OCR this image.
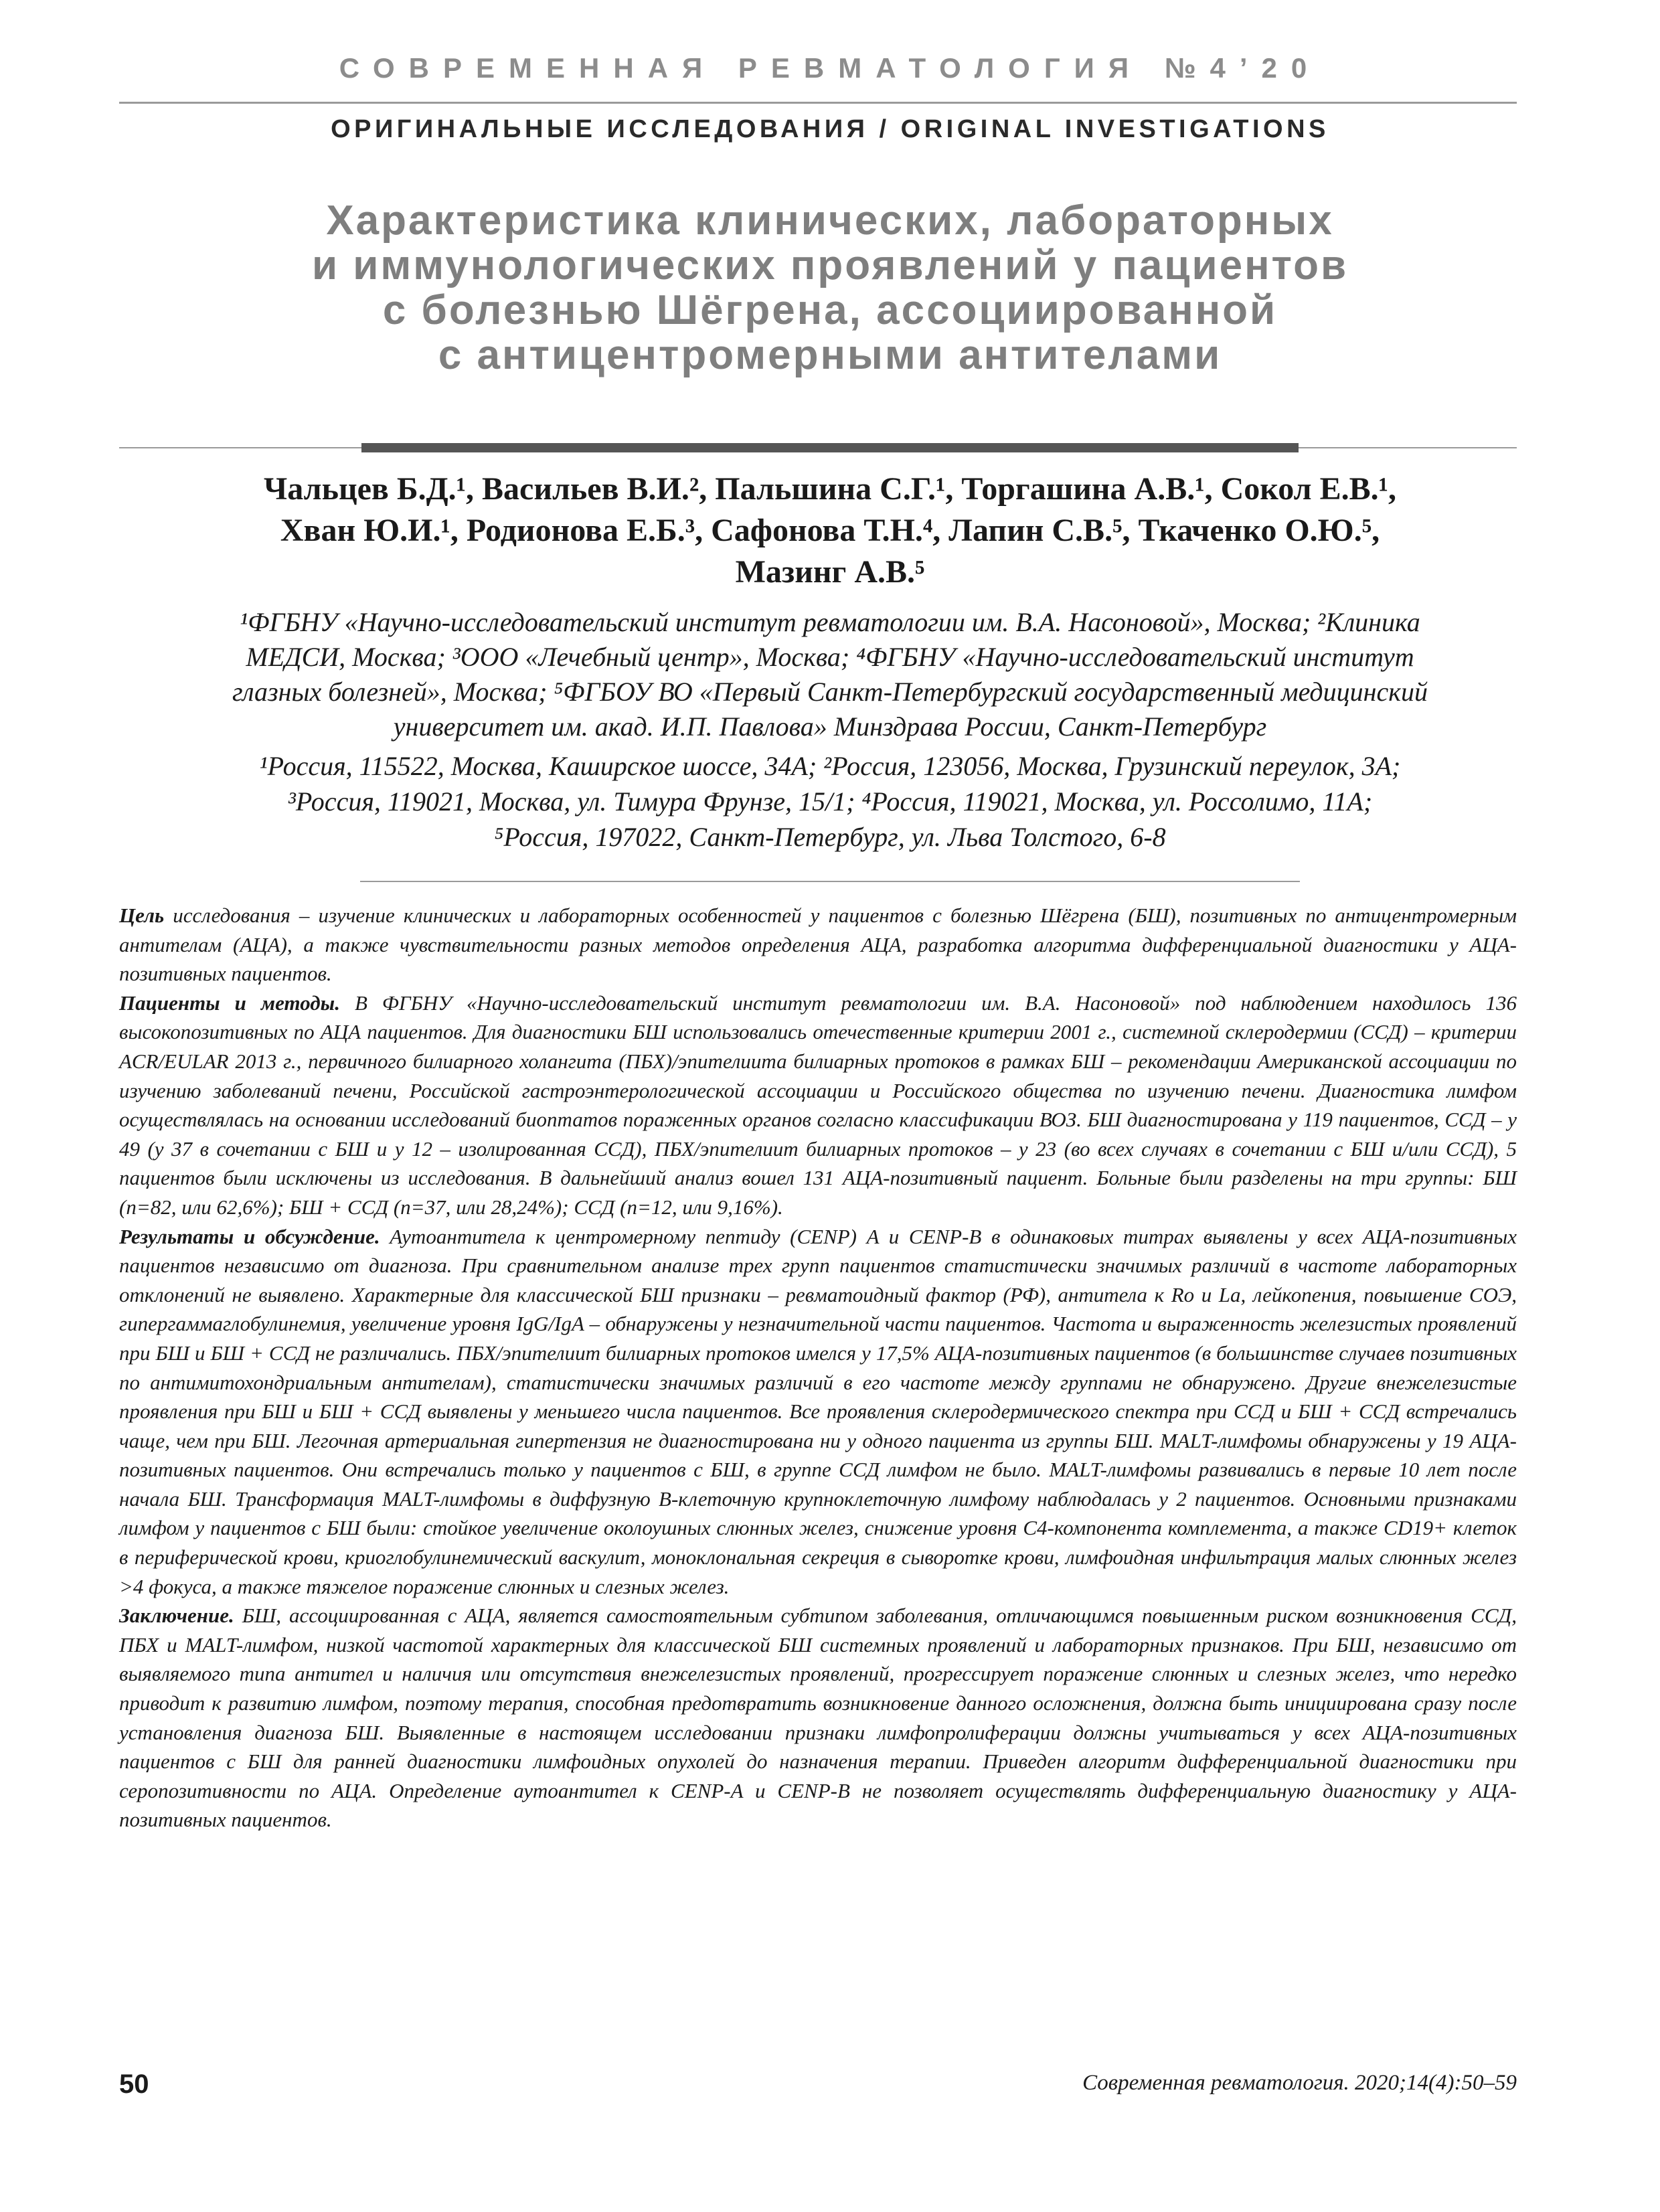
СОВРЕМЕННАЯ РЕВМАТОЛОГИЯ №4’20
ОРИГИНАЛЬНЫЕ ИССЛЕДОВАНИЯ / ORIGINAL INVESTIGATIONS
Характеристика клинических, лабораторных
и иммунологических проявлений у пациентов
с болезнью Шёгрена, ассоциированной
с антицентромерными антителами

Чальцев Б.Д.¹, Васильев В.И.², Пальшина С.Г.¹, Торгашина А.В.¹, Сокол Е.В.¹,

Хван Ю.И.¹, Родионова Е.Б.³, Сафонова Т.Н.⁴, Лапин С.В.⁵, Ткаченко О.Ю.⁵,

Мазинг А.В.⁵

¹ФГБНУ «Научно-исследовательский институт ревматологии им. В.А. Насоновой», Москва; ²Клиника

МЕДСИ, Москва; ³ООО «Лечебный центр», Москва; ⁴ФГБНУ «Научно-исследовательский институт

глазных болезней», Москва; ⁵ФГБОУ ВО «Первый Санкт-Петербургский государственный медицинский

университет им. акад. И.П. Павлова» Минздрава России, Санкт-Петербург

¹Россия, 115522, Москва, Каширское шоссе, 34А; ²Россия, 123056, Москва, Грузинский переулок, 3А;

³Россия, 119021, Москва, ул. Тимура Фрунзе, 15/1; ⁴Россия, 119021, Москва, ул. Россолимо, 11А;

⁵Россия, 197022, Санкт-Петербург, ул. Льва Толстого, 6-8

Цель исследования – изучение клинических и лабораторных особенностей у пациентов с болезнью Шёгрена (БШ), позитивных по антицентромерным антителам (АЦА), а также чувствительности разных методов определения АЦА, разработка алгоритма дифференциальной диагностики у АЦА-позитивных пациентов.

Пациенты и методы. В ФГБНУ «Научно-исследовательский институт ревматологии им. В.А. Насоновой» под наблюдением находилось 136 высокопозитивных по АЦА пациентов. Для диагностики БШ использовались отечественные критерии 2001 г., системной склеродермии (ССД) – критерии ACR/EULAR 2013 г., первичного билиарного холангита (ПБХ)/эпителиита билиарных протоков в рамках БШ – рекомендации Американской ассоциации по изучению заболеваний печени, Российской гастроэнтерологической ассоциации и Российского общества по изучению печени. Диагностика лимфом осуществлялась на основании исследований биоптатов пораженных органов согласно классификации ВОЗ. БШ диагностирована у 119 пациентов, ССД – у 49 (у 37 в сочетании с БШ и у 12 – изолированная ССД), ПБХ/эпителиит билиарных протоков – у 23 (во всех случаях в сочетании с БШ и/или ССД), 5 пациентов были исключены из исследования. В дальнейший анализ вошел 131 АЦА-позитивный пациент. Больные были разделены на три группы: БШ (n=82, или 62,6%); БШ + ССД (n=37, или 28,24%); ССД (n=12, или 9,16%).

Результаты и обсуждение. Аутоантитела к центромерному пептиду (CENP) A и CENP-B в одинаковых титрах выявлены у всех АЦА-позитивных пациентов независимо от диагноза. При сравнительном анализе трех групп пациентов статистически значимых различий в частоте лабораторных отклонений не выявлено. Характерные для классической БШ признаки – ревматоидный фактор (РФ), антитела к Ro и La, лейкопения, повышение СОЭ, гипергаммаглобулинемия, увеличение уровня IgG/IgA – обнаружены у незначительной части пациентов. Частота и выраженность железистых проявлений при БШ и БШ + ССД не различались. ПБХ/эпителиит билиарных протоков имелся у 17,5% АЦА-позитивных пациентов (в большинстве случаев позитивных по антимитохондриальным антителам), статистически значимых различий в его частоте между группами не обнаружено. Другие внежелезистые проявления при БШ и БШ + ССД выявлены у меньшего числа пациентов. Все проявления склеродермического спектра при ССД и БШ + ССД встречались чаще, чем при БШ. Легочная артериальная гипертензия не диагностирована ни у одного пациента из группы БШ. MALT-лимфомы обнаружены у 19 АЦА-позитивных пациентов. Они встречались только у пациентов с БШ, в группе ССД лимфом не было. MALT-лимфомы развивались в первые 10 лет после начала БШ. Трансформация MALT-лимфомы в диффузную В-клеточную крупноклеточную лимфому наблюдалась у 2 пациентов. Основными признаками лимфом у пациентов с БШ были: стойкое увеличение околоушных слюнных желез, снижение уровня С4-компонента комплемента, а также CD19+ клеток в периферической крови, криоглобулинемический васкулит, моноклональная секреция в сыворотке крови, лимфоидная инфильтрация малых слюнных желез >4 фокуса, а также тяжелое поражение слюнных и слезных желез.

Заключение. БШ, ассоциированная с АЦА, является самостоятельным субтипом заболевания, отличающимся повышенным риском возникновения ССД, ПБХ и MALT-лимфом, низкой частотой характерных для классической БШ системных проявлений и лабораторных признаков. При БШ, независимо от выявляемого типа антител и наличия или отсутствия внежелезистых проявлений, прогрессирует поражение слюнных и слезных желез, что нередко приводит к развитию лимфом, поэтому терапия, способная предотвратить возникновение данного осложнения, должна быть инициирована сразу после установления диагноза БШ. Выявленные в настоящем исследовании признаки лимфопролиферации должны учитываться у всех АЦА-позитивных пациентов с БШ для ранней диагностики лимфоидных опухолей до назначения терапии. Приведен алгоритм дифференциальной диагностики при серопозитивности по АЦА. Определение аутоантител к CENP-A и CENP-B не позволяет осуществлять дифференциальную диагностику у АЦА-позитивных пациентов.

50	Современная ревматология. 2020;14(4):50–59
